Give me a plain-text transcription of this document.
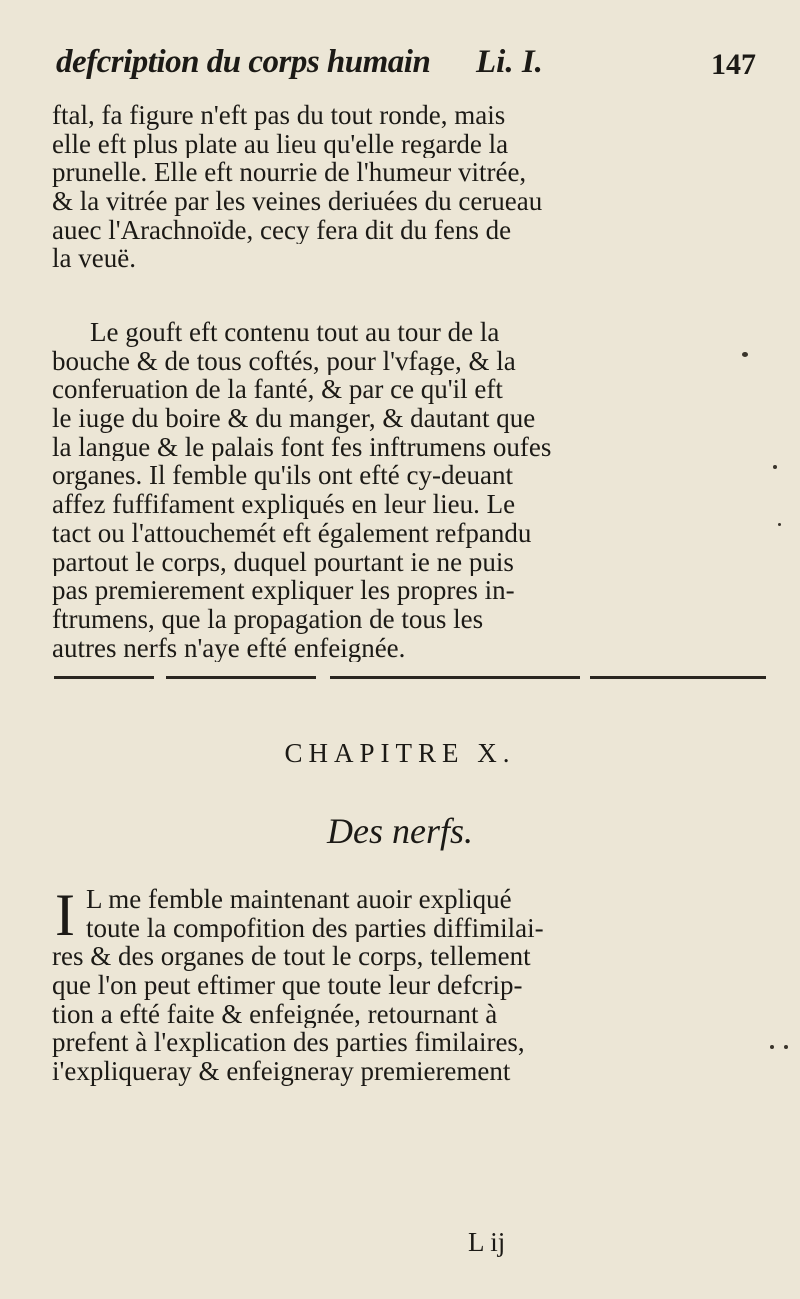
defcription du corps humain Li. I.	147
ftal, fa figure n'eft pas du tout ronde, mais
elle eft plus plate au lieu qu'elle regarde la
prunelle. Elle eft nourrie de l'humeur vitrée,
& la vitrée par les veines deriuées du cerueau
auec l'Arachnoïde, cecy fera dit du fens de
la veuë.
Le gouft eft contenu tout au tour de la
bouche & de tous coftés, pour l'vfage, & la
conferuation de la fanté, & par ce qu'il eft
le iuge du boire & du manger, & dautant que
la langue & le palais font fes inftrumens oufes
organes. Il femble qu'ils ont efté cy-deuant
affez fuffifament expliqués en leur lieu. Le
tact ou l'attouchemét eft également refpandu
partout le corps, duquel pourtant ie ne puis
pas premierement expliquer les propres in-
ftrumens, que la propagation de tous les
autres nerfs n'aye efté enfeignée.
CHAPITRE X.
Des nerfs.
I L me femble maintenant auoir expliqué
toute la compofition des parties diffimilai-
res & des organes de tout le corps, tellement
que l'on peut eftimer que toute leur defcrip-
tion a efté faite & enfeignée, retournant à
prefent à l'explication des parties fimilaires,
i'expliqueray & enfeigneray premierement
L ij
